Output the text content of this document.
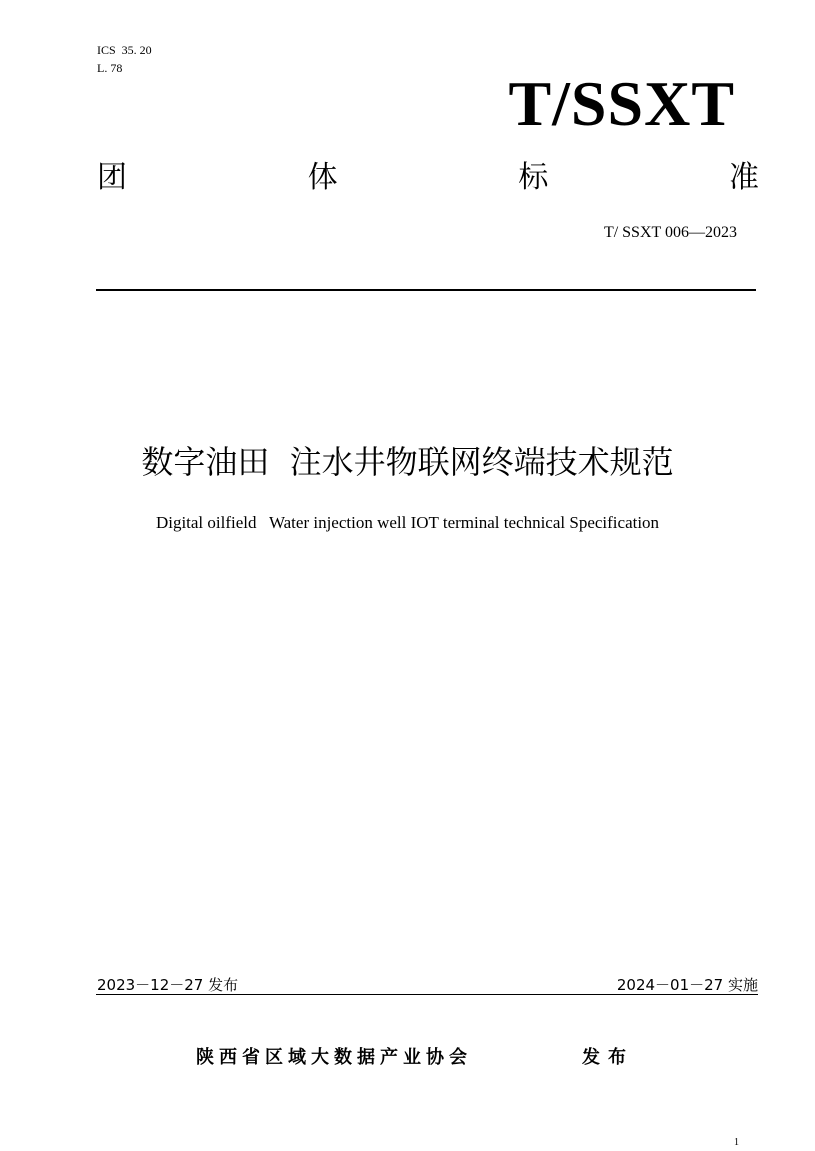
ICS  35. 20
L. 78	T/SSXT
团	体	标	准
T/ SSXT 006—2023
数字油田  注水井物联网终端技术规范
Digital oilfield   Water injection well IOT terminal technical Specification
2023－12－27 发布	2024－01－27 实施
陕西省区域大数据产业协会	发布
1
